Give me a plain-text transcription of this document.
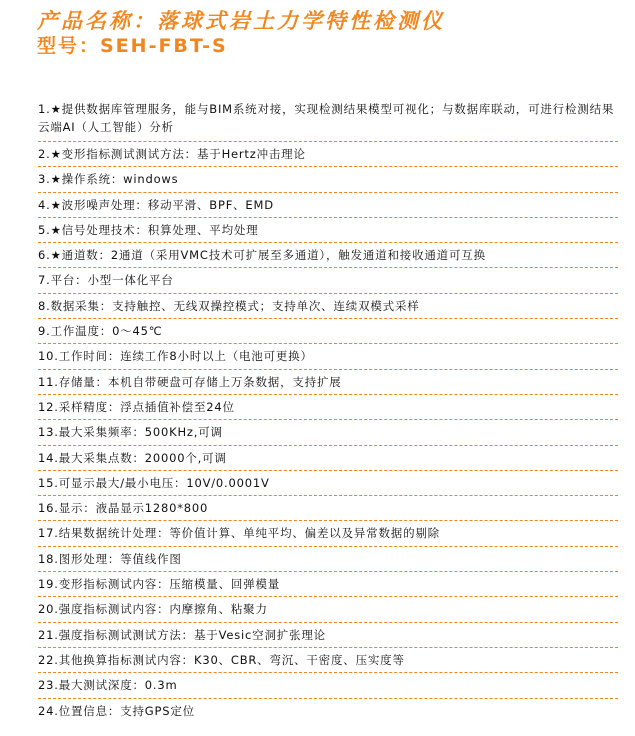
产品名称：落球式岩土力学特性检测仪
型号：SEH-FBT-S
1.★提供数据库管理服务，能与BIM系统对接，实现检测结果模型可视化；与数据库联动，可进行检测结果云端AI（人工智能）分析
2.★变形指标测试测试方法：基于Hertz冲击理论
3.★操作系统：windows
4.★波形噪声处理：移动平滑、BPF、EMD
5.★信号处理技术：积算处理、平均处理
6.★通道数：2通道（采用VMC技术可扩展至多通道），触发通道和接收通道可互换
7.平台：小型一体化平台
8.数据采集：支持触控、无线双操控模式；支持单次、连续双模式采样
9.工作温度：0～45℃
10.工作时间：连续工作8小时以上（电池可更换）
11.存储量：本机自带硬盘可存储上万条数据，支持扩展
12.采样精度：浮点插值补偿至24位
13.最大采集频率：500KHz,可调
14.最大采集点数：20000个,可调
15.可显示最大/最小电压：10V/0.0001V
16.显示：液晶显示1280*800
17.结果数据统计处理：等价值计算、单纯平均、偏差以及异常数据的剔除
18.图形处理：等值线作图
19.变形指标测试内容：压缩模量、回弹模量
20.强度指标测试内容：内摩擦角、粘聚力
21.强度指标测试测试方法：基于Vesic空洞扩张理论
22.其他换算指标测试内容：K30、CBR、弯沉、干密度、压实度等
23.最大测试深度：0.3m
24.位置信息：支持GPS定位
